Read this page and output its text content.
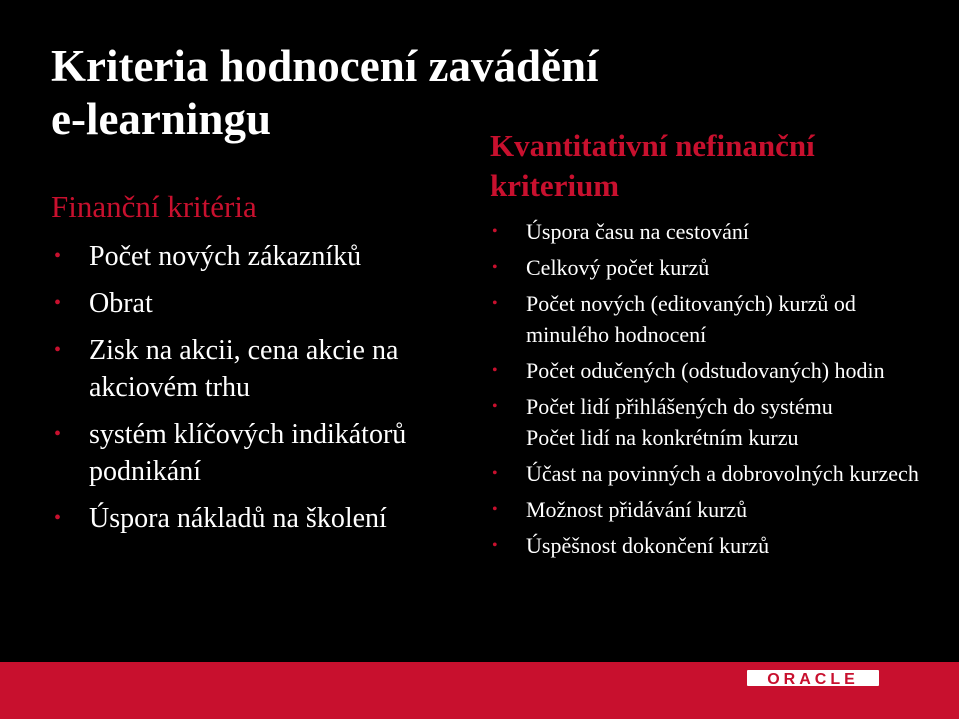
Kriteria hodnocení zavádění
e-learningu
Finanční kritéria
• Počet nových zákazníků
• Obrat
• Zisk na akcii, cena akcie na akciovém trhu
• systém klíčových indikátorů podnikání
• Úspora nákladů na školení
Kvantitativní nefinanční kriterium
• Úspora času na cestování
• Celkový počet kurzů
• Počet nových (editovaných) kurzů od minulého hodnocení
• Počet odučených (odstudovaných) hodin
• Počet lidí přihlášených do systému
Počet lidí na konkrétním kurzu
• Účast na povinných a dobrovolných kurzech
• Možnost přidávání kurzů
• Úspěšnost dokončení kurzů
ORACLE
